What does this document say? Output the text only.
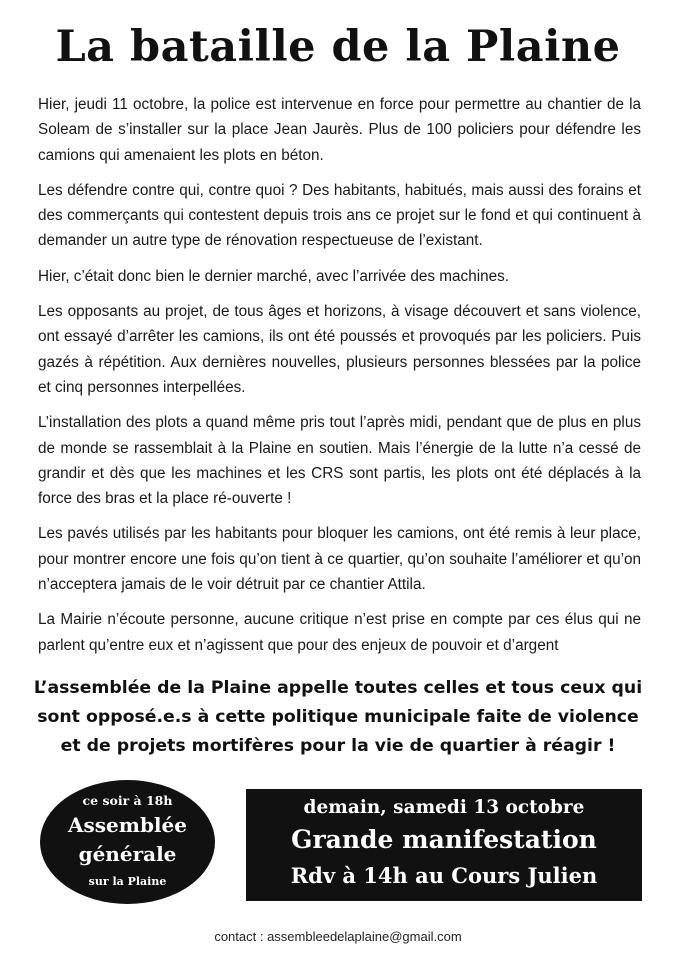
La bataille de la Plaine

Hier, jeudi 11 octobre, la police est intervenue en force pour permettre au chantier de la Soleam de s’installer sur la place Jean Jaurès. Plus de 100 policiers pour défendre les camions qui amenaient les plots en béton.

Les défendre contre qui, contre quoi ? Des habitants, habitués, mais aussi des forains et des commerçants qui contestent depuis trois ans ce projet sur le fond et qui continuent à demander un autre type de rénovation respectueuse de l’existant.

Hier, c’était donc bien le dernier marché, avec l’arrivée des machines.

Les opposants au projet, de tous âges et horizons, à visage découvert et sans violence, ont essayé d’arrêter les camions, ils ont été poussés et provoqués par les policiers. Puis gazés à répétition. Aux dernières nouvelles, plusieurs personnes blessées par la police et cinq personnes interpellées.

L’installation des plots a quand même pris tout l’après midi, pendant que de plus en plus de monde se rassemblait à la Plaine en soutien. Mais l’énergie de la lutte n’a cessé de grandir et dès que les machines et les CRS sont partis, les plots ont été déplacés à la force des bras et la place ré-ouverte !

Les pavés utilisés par les habitants pour bloquer les camions, ont été remis à leur place, pour montrer encore une fois qu’on tient à ce quartier, qu’on souhaite l’améliorer et qu’on n’acceptera jamais de le voir détruit par ce chantier Attila.

La Mairie n’écoute personne, aucune critique n’est prise en compte par ces élus qui ne parlent qu’entre eux et n’agissent que pour des enjeux de pouvoir et d’argent

L’assemblée de la Plaine appelle toutes celles et tous ceux qui sont opposé.e.s à cette politique municipale faite de violence et de projets mortifères pour la vie de quartier à réagir !

ce soir à 18h
Assemblée
générale
sur la Plaine
demain, samedi 13 octobre
Grande manifestation
Rdv à 14h au Cours Julien
contact : assembleedelaplaine@gmail.com
